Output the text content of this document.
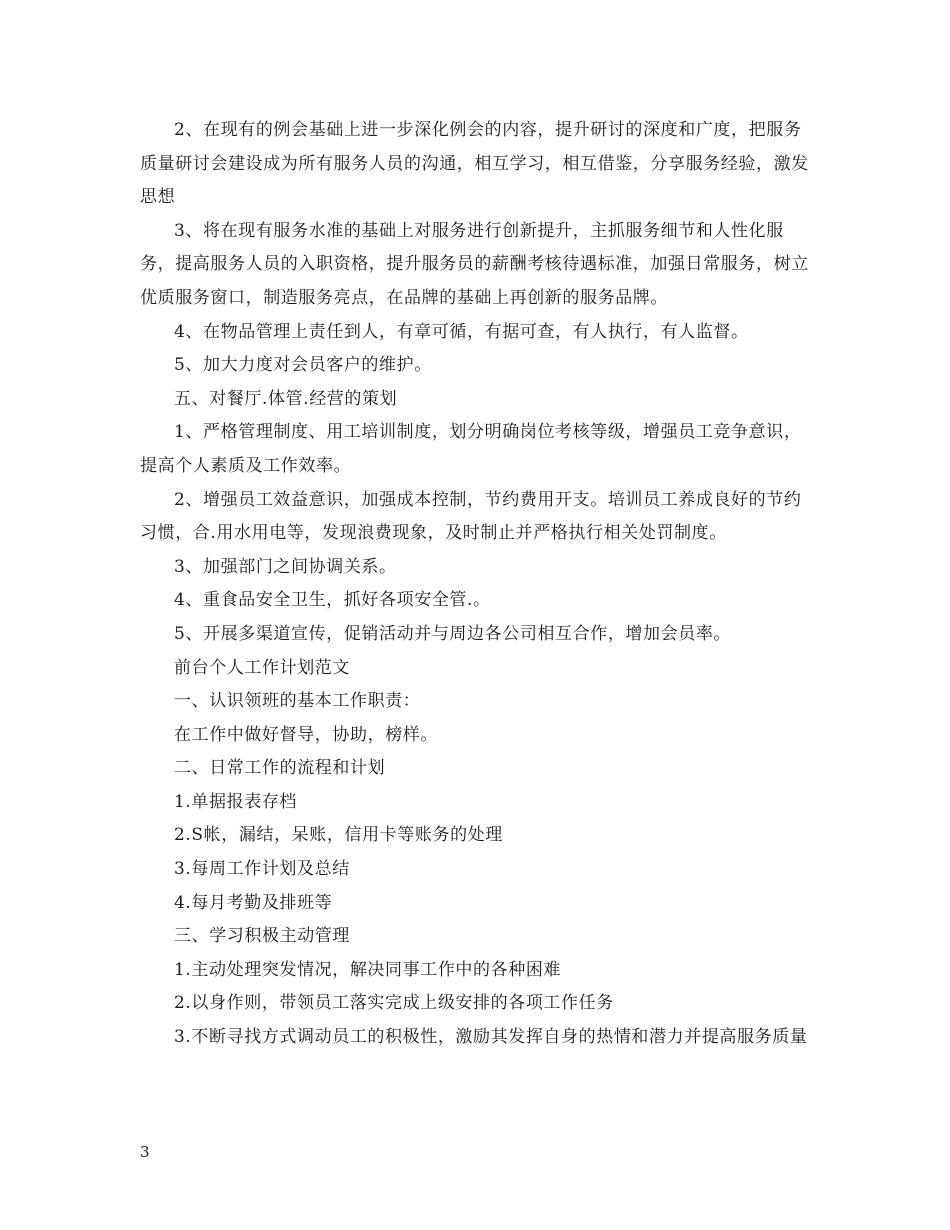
2、在现有的例会基础上进一步深化例会的内容，提升研讨的深度和广度，把服务质量研讨会建设成为所有服务人员的沟通，相互学习，相互借鉴，分享服务经验，激发思想

3、将在现有服务水准的基础上对服务进行创新提升，主抓服务细节和人性化服务，提高服务人员的入职资格，提升服务员的薪酬考核待遇标准，加强日常服务，树立优质服务窗口，制造服务亮点，在品牌的基础上再创新的服务品牌。

4、在物品管理上责任到人，有章可循，有据可查，有人执行，有人监督。

5、加大力度对会员客户的维护。

五、对餐厅.体管.经营的策划

1、严格管理制度、用工培训制度，划分明确岗位考核等级，增强员工竞争意识，提高个人素质及工作效率。

2、增强员工效益意识，加强成本控制，节约费用开支。培训员工养成良好的节约习惯，合.用水用电等，发现浪费现象，及时制止并严格执行相关处罚制度。

3、加强部门之间协调关系。

4、重食品安全卫生，抓好各项安全管.。

5、开展多渠道宣传，促销活动并与周边各公司相互合作，增加会员率。

前台个人工作计划范文

一、认识领班的基本工作职责：

在工作中做好督导，协助，榜样。

二、日常工作的流程和计划

1.单据报表存档

2.S帐，漏结，呆账，信用卡等账务的处理

3.每周工作计划及总结

4.每月考勤及排班等

三、学习积极主动管理

1.主动处理突发情况，解决同事工作中的各种困难

2.以身作则，带领员工落实完成上级安排的各项工作任务

3.不断寻找方式调动员工的积极性，激励其发挥自身的热情和潜力并提高服务质量

3
